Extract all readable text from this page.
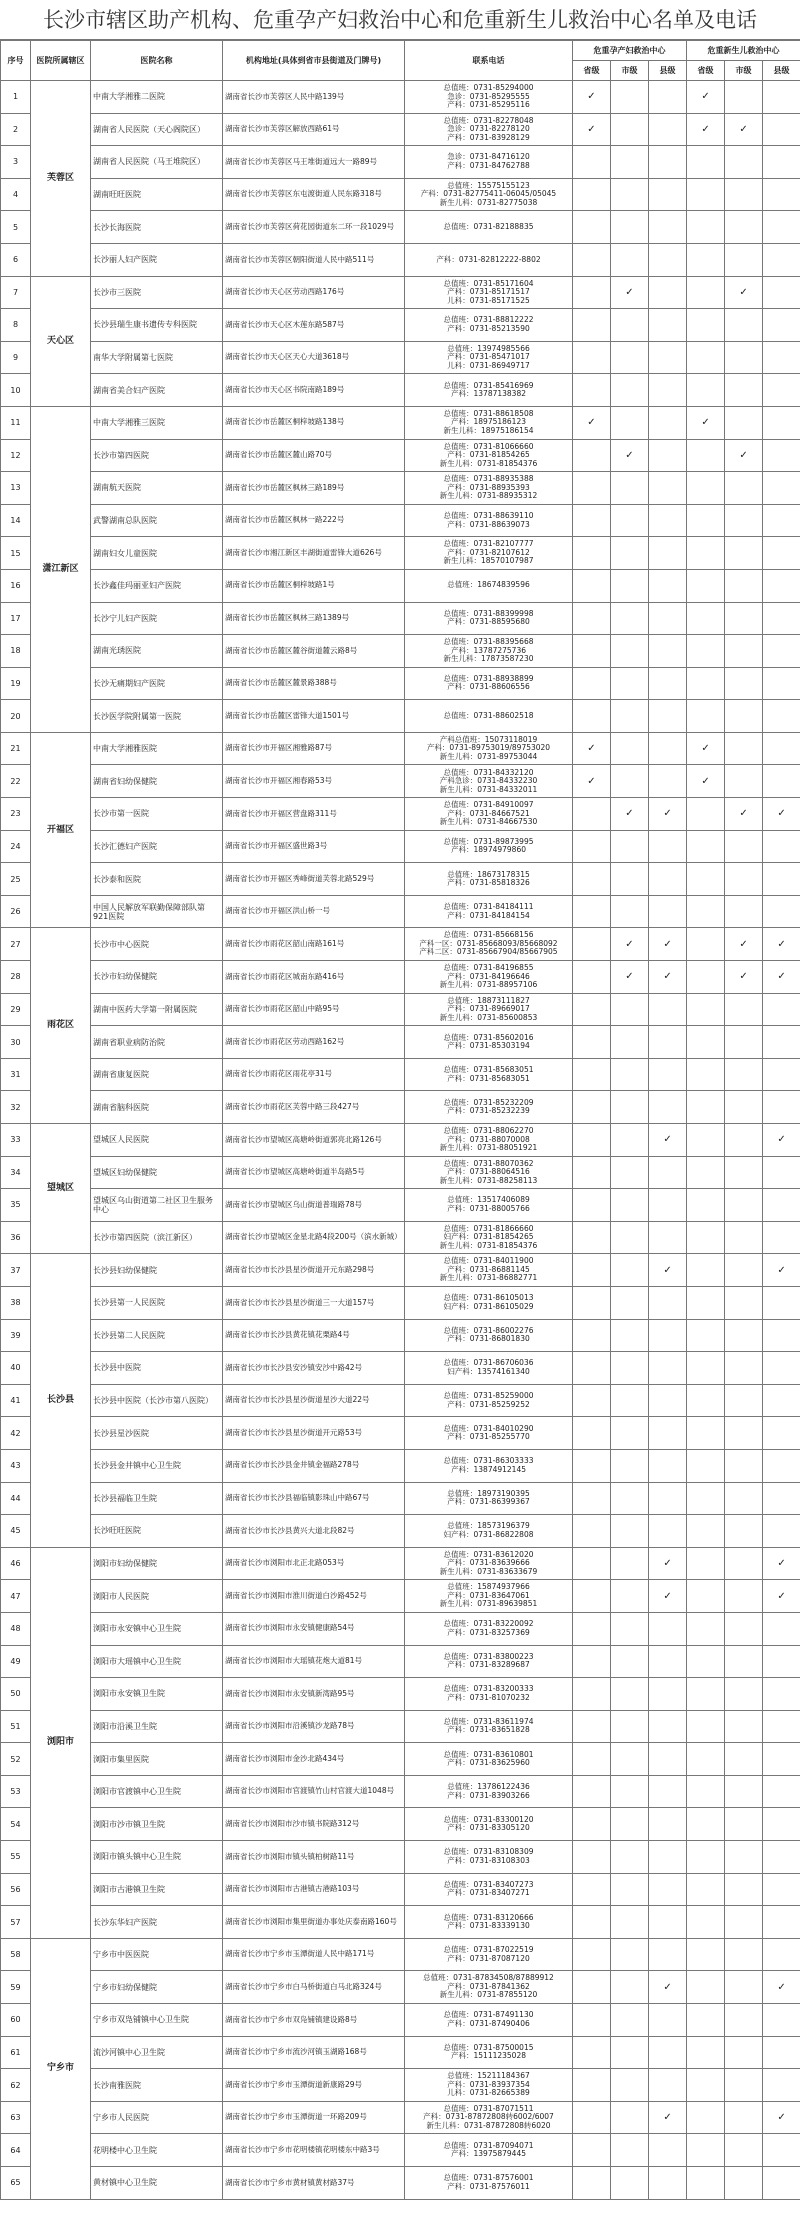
长沙市辖区助产机构、危重孕产妇救治中心和危重新生儿救治中心名单及电话
序号	医院所属辖区	医院名称	机构地址(具体到省市县街道及门牌号)	联系电话	危重孕产妇救治中心			危重新生儿救治中心		
					省级	市级	县级	省级	市级	县级
1	芙蓉区	中南大学湘雅二医院	湖南省长沙市芙蓉区人民中路139号	总值班：0731-85294000
急诊：0731-85295555
产科：0731-85295116	✓			✓		
2		湖南省人民医院（天心阁院区）	湖南省长沙市芙蓉区解放西路61号	总值班：0731-82278048
急诊：0731-82278120
产科：0731-83928129	✓			✓	✓	
3		湖南省人民医院（马王堆院区）	湖南省长沙市芙蓉区马王堆街道远大一路89号	急诊：0731-84716120
产科：0731-84762788						

4		湖南旺旺医院	湖南省长沙市芙蓉区东屯渡街道人民东路318号	总值班：15575155123
产科：0731-82775411-06045/05045
新生儿科：0731-82775038						

5		长沙长海医院	湖南省长沙市芙蓉区荷花园街道东二环一段1029号	总值班：0731-82188835						

6		长沙丽人妇产医院	湖南省长沙市芙蓉区朝阳街道人民中路511号	产科：0731-82812222-8802						

7	天心区	长沙市三医院	湖南省长沙市天心区劳动西路176号	总值班：0731-85171604
产科：0731-85171517
儿科：0731-85171525		✓			✓	
8		长沙县瑞生康书遗传专科医院	湖南省长沙市天心区木莲东路587号	总值班：0731-88812222
产科：0731-85213590						

9		南华大学附属第七医院	湖南省长沙市天心区天心大道3618号	总值班：13974985566
产科：0731-85471017
儿科：0731-86949717						

10		湖南省美合妇产医院	湖南省长沙市天心区书院南路189号	总值班：0731-85416969
产科：13787138382						

11	潇江新区	中南大学湘雅三医院	湖南省长沙市岳麓区桐梓坡路138号	总值班：0731-88618508
产科：18975186123
新生儿科：18975186154	✓			✓		
12		长沙市第四医院	湖南省长沙市岳麓区麓山路70号	总值班：0731-81066660
产科：0731-81854265
新生儿科：0731-81854376		✓			✓	
13		湖南航天医院	湖南省长沙市岳麓区枫林三路189号	总值班：0731-88935388
产科：0731-88935393
新生儿科：0731-88935312						

14		武警湖南总队医院	湖南省长沙市岳麓区枫林一路222号	总值班：0731-88639110
产科：0731-88639073						

15		湖南妇女儿童医院	湖南省长沙市湘江新区丰湖街道雷锋大道626号	总值班：0731-82107777
产科：0731-82107612
新生儿科：18570107987						

16		长沙鑫佳玛丽亚妇产医院	湖南省长沙市岳麓区桐梓坡路1号	总值班：18674839596						

17		长沙宁儿妇产医院	湖南省长沙市岳麓区枫林三路1389号	总值班：0731-88399998
产科：0731-88595680						

18		湖南光琇医院	湖南省长沙市岳麓区麓谷街道麓云路8号	总值班：0731-88395668
产科：13787275736
新生儿科：17873587230						

19		长沙无痛期妇产医院	湖南省长沙市岳麓区麓景路388号	总值班：0731-88938899
产科：0731-88606556						

20		长沙医学院附属第一医院	湖南省长沙市岳麓区雷锋大道1501号	总值班：0731-88602518						

21	开福区	中南大学湘雅医院	湖南省长沙市开福区湘雅路87号	产科总值班：15073118019
产科：0731-89753019/89753020
新生儿科：0731-89753044	✓			✓		
22		湖南省妇幼保健院	湖南省长沙市开福区湘春路53号	总值班：0731-84332120
产科急诊：0731-84332230
新生儿科：0731-84332011	✓			✓		
23		长沙市第一医院	湖南省长沙市开福区营盘路311号	总值班：0731-84910097
产科：0731-84667521
新生儿科：0731-84667530		✓	✓		✓	✓
24		长沙汇德妇产医院	湖南省长沙市开福区盛世路3号	总值班：0731-89873995
产科：18974979860						

25		长沙泰和医院	湖南省长沙市开福区秀峰街道芙蓉北路529号	总值班：18673178315
产科：0731-85818326						

26		中国人民解放军联勤保障部队第921医院	湖南省长沙市开福区洪山桥一号	总值班：0731-84184111
产科：0731-84184154						

27	雨花区	长沙市中心医院	湖南省长沙市雨花区韶山南路161号	总值班：0731-85668156
产科一区：0731-85668093/85668092
产科二区：0731-85667904/85667905		✓	✓		✓	✓
28		长沙市妇幼保健院	湖南省长沙市雨花区城南东路416号	总值班：0731-84196855
产科：0731-84196646
新生儿科：0731-88957106		✓	✓		✓	✓
29		湖南中医药大学第一附属医院	湖南省长沙市雨花区韶山中路95号	总值班：18873111827
产科：0731-89669017
新生儿科：0731-85600853						

30		湖南省职业病防治院	湖南省长沙市雨花区劳动西路162号	总值班：0731-85602016
产科：0731-85303194						

31		湖南省康复医院	湖南省长沙市雨花区雨花亭31号	总值班：0731-85683051
产科：0731-85683051						

32		湖南省脑科医院	湖南省长沙市雨花区芙蓉中路三段427号	总值班：0731-85232209
产科：0731-85232239						

33	望城区	望城区人民医院	湖南省长沙市望城区高塘岭街道郭亮北路126号	总值班：0731-88062270
产科：0731-88070008
新生儿科：0731-88051921			✓			✓
34		望城区妇幼保健院	湖南省长沙市望城区高塘岭街道半岛路5号	总值班：0731-88070362
产科：0731-88064516
新生儿科：0731-88258113						

35		望城区乌山街道第二社区卫生服务中心	湖南省长沙市望城区乌山街道普瑞路78号	总值班：13517406089
产科：0731-88005766						

36		长沙市第四医院（滨江新区）	湖南省长沙市望城区金星北路4段200号（滨水新城）	总值班：0731-81866660
妇产科：0731-81854265
新生儿科：0731-81854376						

37	长沙县	长沙县妇幼保健院	湖南省长沙市长沙县星沙街道开元东路298号	总值班：0731-84011900
产科：0731-86881145
新生儿科：0731-86882771			✓			✓
38		长沙县第一人民医院	湖南省长沙市长沙县星沙街道三一大道157号	总值班：0731-86105013
妇产科：0731-86105029						

39		长沙县第二人民医院	湖南省长沙市长沙县黄花镇花栗路4号	总值班：0731-86002276
产科：0731-86801830						

40		长沙县中医院	湖南省长沙市长沙县安沙镇安沙中路42号	总值班：0731-86706036
妇产科：13574161340						

41		长沙县中医院（长沙市第八医院）	湖南省长沙市长沙县星沙街道星沙大道22号	总值班：0731-85259000
产科：0731-85259252						

42		长沙县星沙医院	湖南省长沙市长沙县星沙街道开元路53号	总值班：0731-84010290
产科：0731-85255770						

43		长沙县金井镇中心卫生院	湖南省长沙市长沙县金井镇金福路278号	总值班：0731-86303333
产科：13874912145						

44		长沙县福临卫生院	湖南省长沙市长沙县福临镇影珠山中路67号	总值班：18973190395
产科：0731-86399367						

45		长沙旺旺医院	湖南省长沙市长沙县黄兴大道北段82号	总值班：18573196379
妇产科：0731-86822808						

46	浏阳市	浏阳市妇幼保健院	湖南省长沙市浏阳市北正北路053号	总值班：0731-83612020
产科：0731-83639666
新生儿科：0731-83633679			✓			✓
47		浏阳市人民医院	湖南省长沙市浏阳市淮川街道白沙路452号	总值班：15874937966
产科：0731-83647061
新生儿科：0731-89639851			✓			✓
48		浏阳市永安镇中心卫生院	湖南省长沙市浏阳市永安镇健康路54号	总值班：0731-83220092
产科：0731-83257369						

49		浏阳市大瑶镇中心卫生院	湖南省长沙市浏阳市大瑶镇花炮大道81号	总值班：0731-83800223
产科：0731-83289687						

50		浏阳市永安镇卫生院	湖南省长沙市浏阳市永安镇新湾路95号	总值班：0731-83200333
产科：0731-81070232						

51		浏阳市沿溪卫生院	湖南省长沙市浏阳市沿溪镇沙龙路78号	总值班：0731-83611974
产科：0731-83651828						

52		浏阳市集里医院	湖南省长沙市浏阳市金沙北路434号	总值班：0731-83610801
产科：0731-83625960						

53		浏阳市官渡镇中心卫生院	湖南省长沙市浏阳市官渡镇竹山村官渡大道1048号	总值班：13786122436
产科：0731-83903266						

54		浏阳市沙市镇卫生院	湖南省长沙市浏阳市沙市镇书院路312号	总值班：0731-83300120
产科：0731-83305120						

55		浏阳市镇头镇中心卫生院	湖南省长沙市浏阳市镇头镇柏树路11号	总值班：0731-83108309
产科：0731-83108303						

56		浏阳市古港镇卫生院	湖南省长沙市浏阳市古港镇古港路103号	总值班：0731-83407273
产科：0731-83407271						

57		长沙东华妇产医院	湖南省长沙市浏阳市集里街道办事处庆泰南路160号	总值班：0731-83120666
产科：0731-83339130						

58	宁乡市	宁乡市中医医院	湖南省长沙市宁乡市玉潭街道人民中路171号	总值班：0731-87022519
产科：0731-87087120						

59		宁乡市妇幼保健院	湖南省长沙市宁乡市白马桥街道白马北路324号	总值班：0731-87834508/87889912
产科：0731-87841362
新生儿科：0731-87855120			✓			✓
60		宁乡市双凫铺镇中心卫生院	湖南省长沙市宁乡市双凫铺镇建设路8号	总值班：0731-87491130
产科：0731-87490406						

61		流沙河镇中心卫生院	湖南省长沙市宁乡市流沙河镇玉湖路168号	总值班：0731-87500015
产科：15111235028						

62		长沙南雅医院	湖南省长沙市宁乡市玉潭街道新康路29号	总值班：15211184367
产科：0731-83937354
儿科：0731-82665389						

63		宁乡市人民医院	湖南省长沙市宁乡市玉潭街道一环路209号	总值班：0731-87071511
产科：0731-87872808转6002/6007
新生儿科：0731-87872808转6020			✓			✓
64		花明楼中心卫生院	湖南省长沙市宁乡市花明楼镇花明楼东中路3号	总值班：0731-87094071
产科：13975879445						

65		黄材镇中心卫生院	湖南省长沙市宁乡市黄材镇黄材路37号	总值班：0731-87576001
产科：0731-87576011						
